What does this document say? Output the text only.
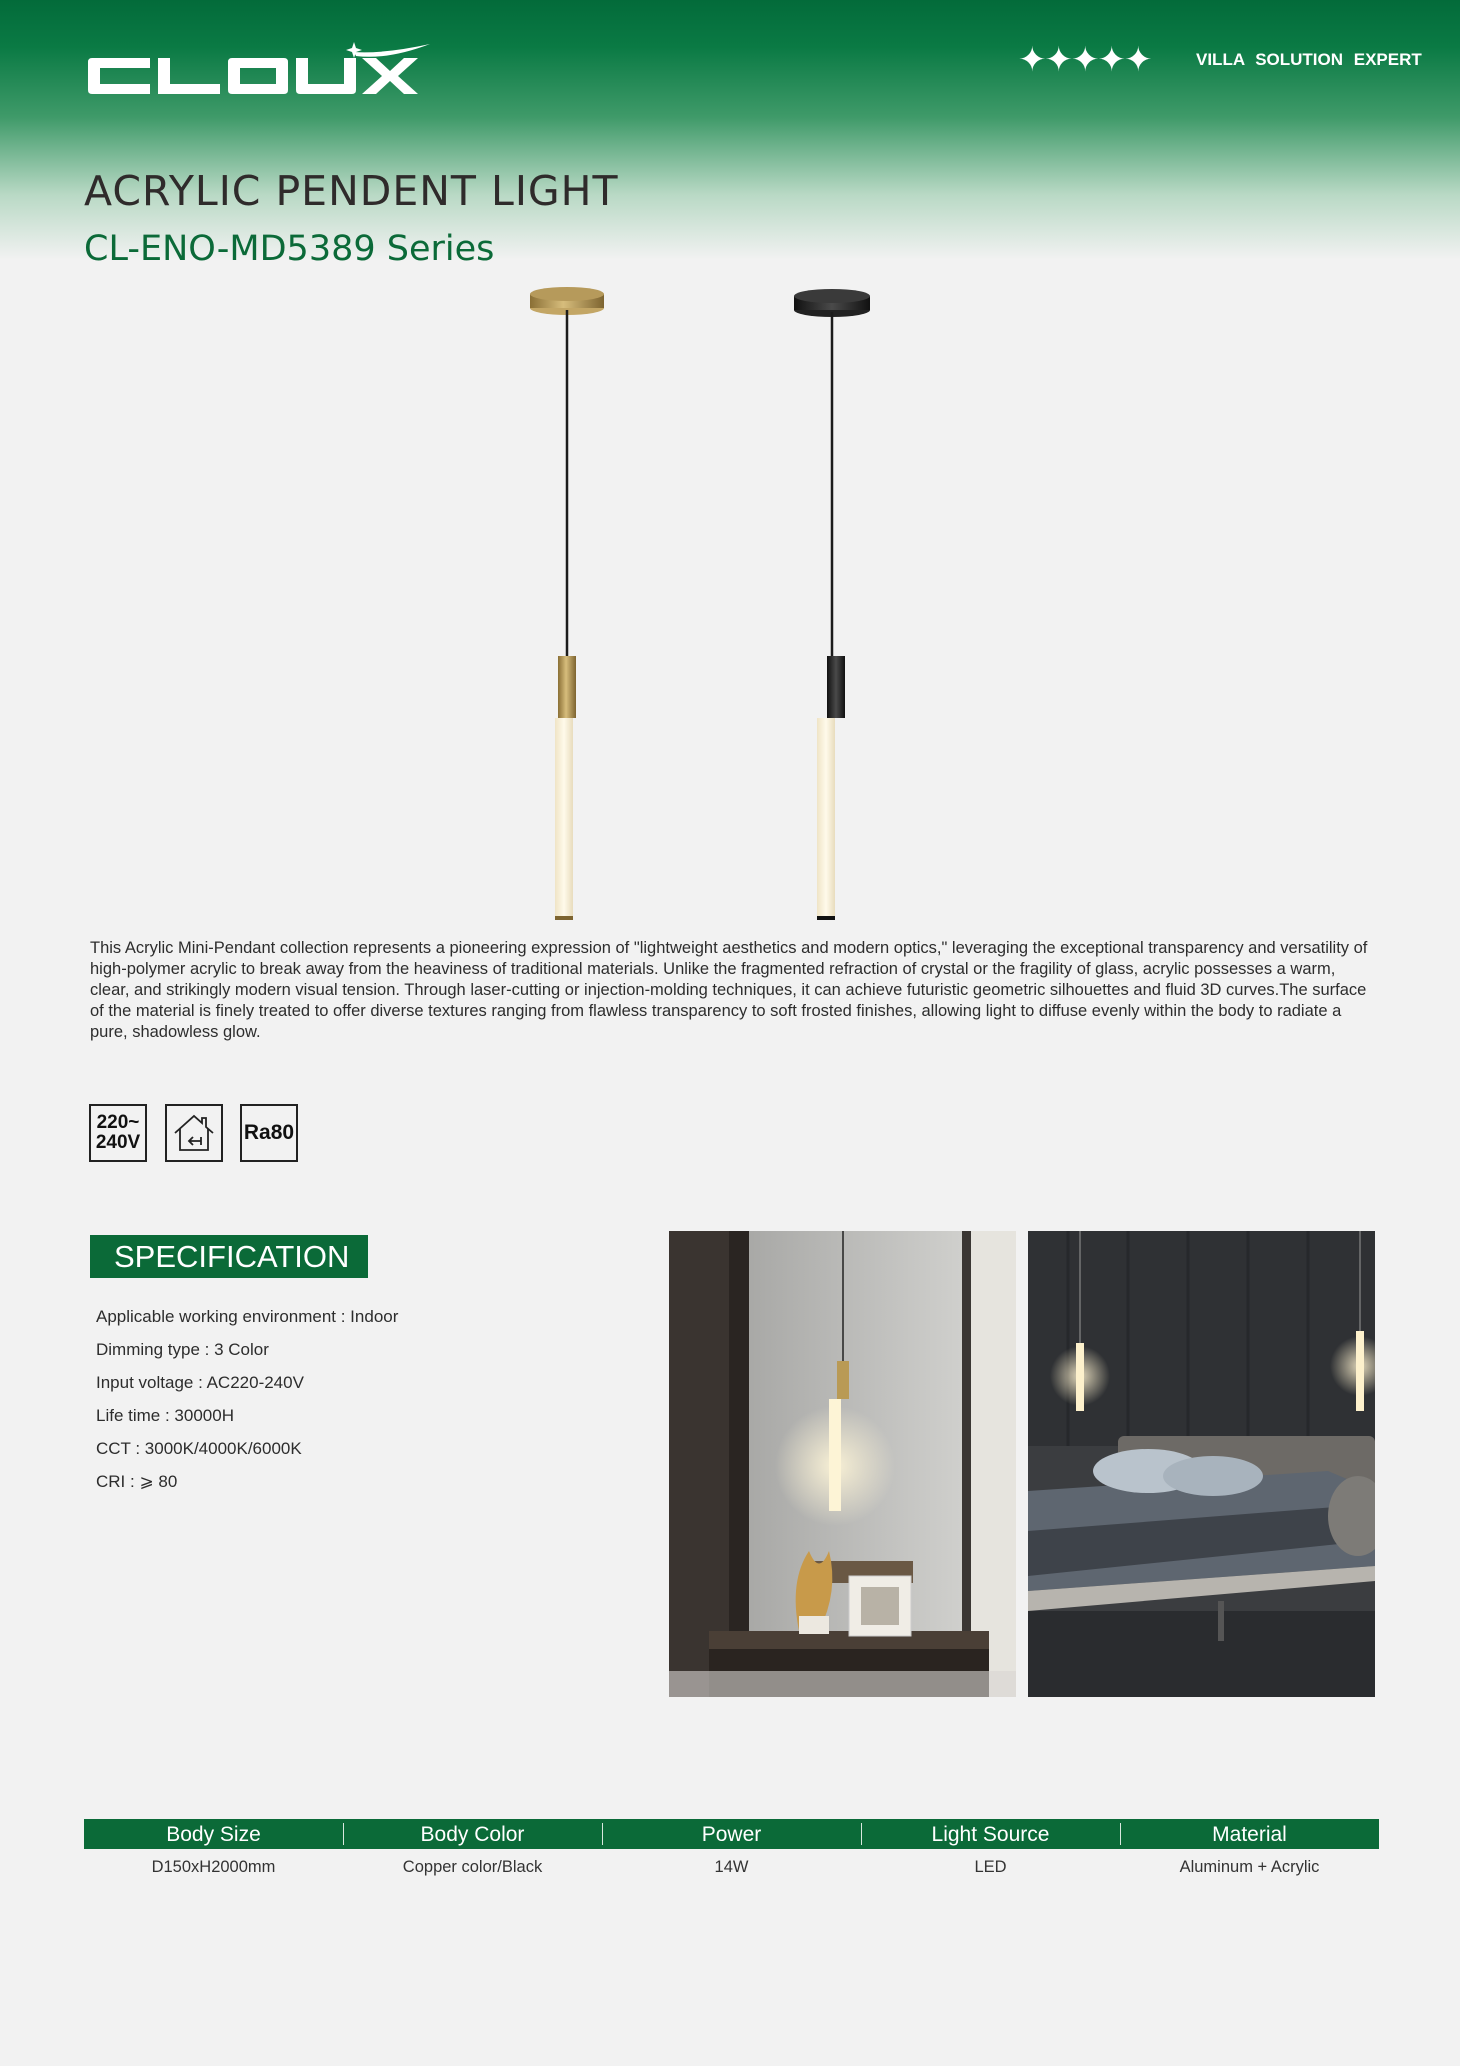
✦✦✦✦✦	VILLA SOLUTION EXPERT
ACRYLIC PENDENT LIGHT
CL-ENO-MD5389 Series
This Acrylic Mini-Pendant collection represents a pioneering expression of "lightweight aesthetics and modern optics," leveraging the exceptional transparency and versatility of high-polymer acrylic to break away from the heaviness of traditional materials. Unlike the fragmented refraction of crystal or the fragility of glass, acrylic possesses a warm, clear, and strikingly modern visual tension. Through laser-cutting or injection-molding techniques, it can achieve futuristic geometric silhouettes and fluid 3D curves.The surface of the material is finely treated to offer diverse textures ranging from flawless transparency to soft frosted finishes, allowing light to diffuse evenly within the body to radiate a pure, shadowless glow.
220~
240V	Ra80
SPECIFICATION
Applicable working environment : Indoor
Dimming type : 3 Color
Input voltage : AC220-240V
Life time : 30000H
CCT : 3000K/4000K/6000K
CRI : ⩾ 80
Body Size	Body Color	Power	Light Source	Material
D150xH2000mm	Copper color/Black	14W	LED	Aluminum + Acrylic
